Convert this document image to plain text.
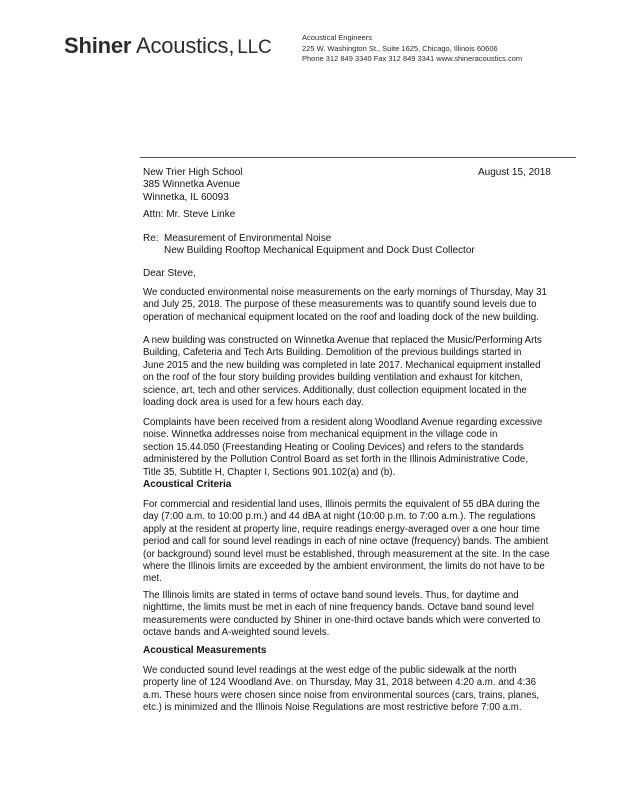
Shiner Acoustics, LLC	Acoustical Engineers
225 W. Washington St., Suite 1625, Chicago, Illinois 60606
Phone 312 849 3340 Fax 312 849 3341 www.shineracoustics.com
August 15, 2018
New Trier High School
385 Winnetka Avenue
Winnetka, IL 60093
Attn: Mr. Steve Linke
Re: Measurement of Environmental Noise
New Building Rooftop Mechanical Equipment and Dock Dust Collector
Dear Steve,
We conducted environmental noise measurements on the early mornings of Thursday, May 31
and July 25, 2018. The purpose of these measurements was to quantify sound levels due to
operation of mechanical equipment located on the roof and loading dock of the new building.
A new building was constructed on Winnetka Avenue that replaced the Music/Performing Arts
Building, Cafeteria and Tech Arts Building. Demolition of the previous buildings started in
June 2015 and the new building was completed in late 2017. Mechanical equipment installed
on the roof of the four story building provides building ventilation and exhaust for kitchen,
science, art, tech and other services. Additionally, dust collection equipment located in the
loading dock area is used for a few hours each day.
Complaints have been received from a resident along Woodland Avenue regarding excessive
noise. Winnetka addresses noise from mechanical equipment in the village code in
section 15.44.050 (Freestanding Heating or Cooling Devices) and refers to the standards
administered by the Pollution Control Board as set forth in the Illinois Administrative Code,
Title 35, Subtitle H, Chapter I, Sections 901.102(a) and (b).
Acoustical Criteria
For commercial and residential land uses, Illinois permits the equivalent of 55 dBA during the
day (7:00 a.m. to 10:00 p.m.) and 44 dBA at night (10:00 p.m. to 7:00 a.m.). The regulations
apply at the resident at property line, require readings energy-averaged over a one hour time
period and call for sound level readings in each of nine octave (frequency) bands. The ambient
(or background) sound level must be established, through measurement at the site. In the case
where the Illinois limits are exceeded by the ambient environment, the limits do not have to be
met.
The Illinois limits are stated in terms of octave band sound levels. Thus, for daytime and
nighttime, the limits must be met in each of nine frequency bands. Octave band sound level
measurements were conducted by Shiner in one-third octave bands which were converted to
octave bands and A-weighted sound levels.
Acoustical Measurements
We conducted sound level readings at the west edge of the public sidewalk at the north
property line of 124 Woodland Ave. on Thursday, May 31, 2018 between 4:20 a.m. and 4:36
a.m. These hours were chosen since noise from environmental sources (cars, trains, planes,
etc.) is minimized and the Illinois Noise Regulations are most restrictive before 7:00 a.m.
